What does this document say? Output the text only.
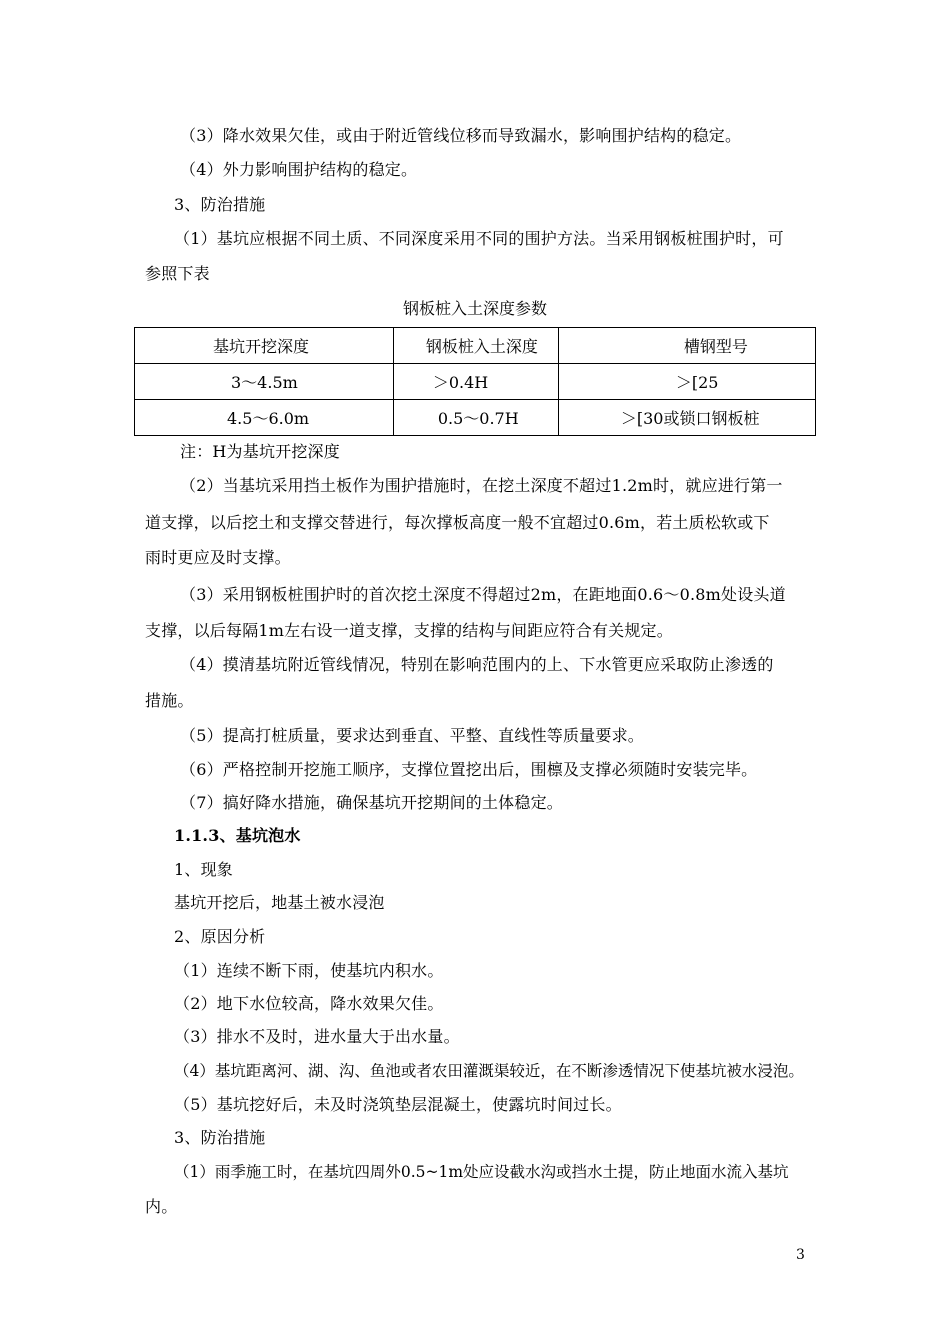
（3）降水效果欠佳，或由于附近管线位移而导致漏水，影响围护结构的稳定。
（4）外力影响围护结构的稳定。
3、防治措施
（1）基坑应根据不同土质、不同深度采用不同的围护方法。当采用钢板桩围护时，可
参照下表
钢板桩入土深度参数
基坑开挖深度	钢板桩入土深度	槽钢型号
3～4.5m	＞0.4H	＞[25
4.5～6.0m	0.5～0.7H	＞[30或锁口钢板桩
注：H为基坑开挖深度
（2）当基坑采用挡土板作为围护措施时，在挖土深度不超过1.2m时，就应进行第一
道支撑，以后挖土和支撑交替进行，每次撑板高度一般不宜超过0.6m，若土质松软或下
雨时更应及时支撑。
（3）采用钢板桩围护时的首次挖土深度不得超过2m，在距地面0.6～0.8m处设头道
支撑，以后每隔1m左右设一道支撑，支撑的结构与间距应符合有关规定。
（4）摸清基坑附近管线情况，特别在影响范围内的上、下水管更应采取防止渗透的
措施。
（5）提高打桩质量，要求达到垂直、平整、直线性等质量要求。
（6）严格控制开挖施工顺序，支撑位置挖出后，围檩及支撑必须随时安装完毕。
（7）搞好降水措施，确保基坑开挖期间的土体稳定。
1.1.3、基坑泡水
1、现象
基坑开挖后，地基土被水浸泡
2、原因分析
（1）连续不断下雨，使基坑内积水。
（2）地下水位较高，降水效果欠佳。
（3）排水不及时，进水量大于出水量。
（4）基坑距离河、湖、沟、鱼池或者农田灌溉渠较近，在不断渗透情况下使基坑被水浸泡。
（5）基坑挖好后，未及时浇筑垫层混凝土，使露坑时间过长。
3、防治措施
（1）雨季施工时，在基坑四周外0.5~1m处应设截水沟或挡水土提，防止地面水流入基坑
内。
3
